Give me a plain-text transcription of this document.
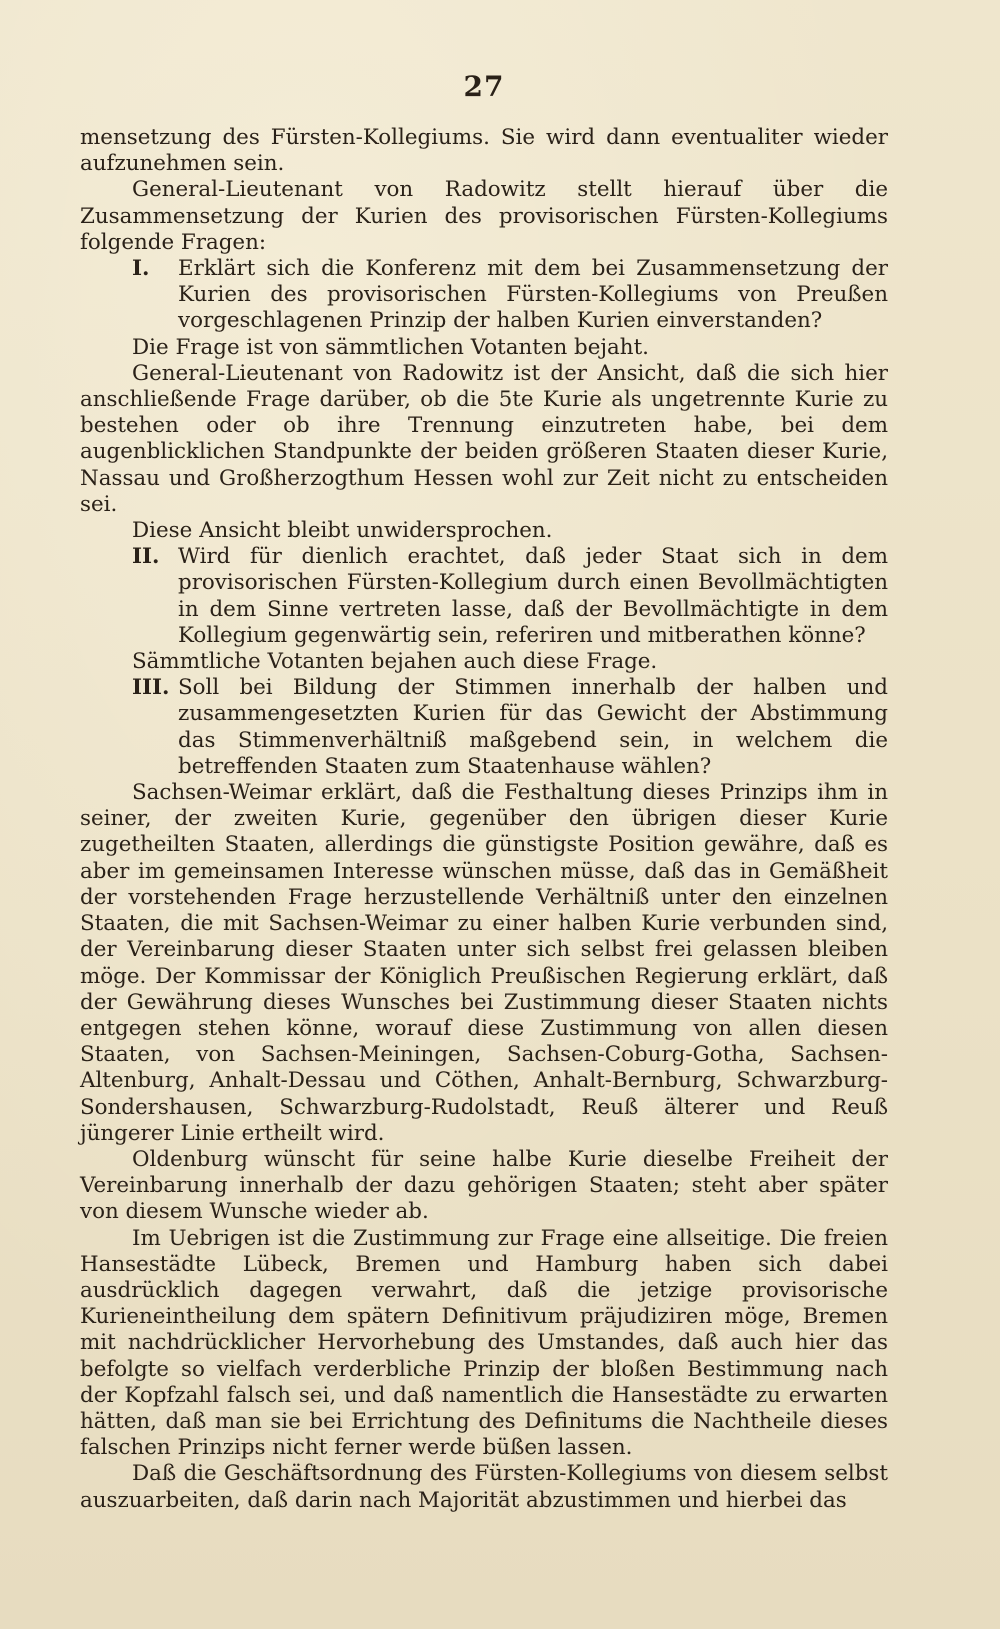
27

mensetzung des Fürsten-Kollegiums. Sie wird dann eventualiter wieder aufzunehmen sein.

General-Lieutenant von Radowitz stellt hierauf über die Zusammensetzung der Kurien des provisorischen Fürsten-Kollegiums folgende Fragen:

I. Erklärt sich die Konferenz mit dem bei Zusammensetzung der Kurien des provisorischen Fürsten-Kollegiums von Preußen vorgeschlagenen Prinzip der halben Kurien einverstanden?

Die Frage ist von sämmtlichen Votanten bejaht.

General-Lieutenant von Radowitz ist der Ansicht, daß die sich hier anschließende Frage darüber, ob die 5te Kurie als ungetrennte Kurie zu bestehen oder ob ihre Trennung einzutreten habe, bei dem augenblicklichen Standpunkte der beiden größeren Staaten dieser Kurie, Nassau und Großherzogthum Hessen wohl zur Zeit nicht zu entscheiden sei.

Diese Ansicht bleibt unwidersprochen.

II. Wird für dienlich erachtet, daß jeder Staat sich in dem provisorischen Fürsten-Kollegium durch einen Bevollmächtigten in dem Sinne vertreten lasse, daß der Bevollmächtigte in dem Kollegium gegenwärtig sein, referiren und mitberathen könne?

Sämmtliche Votanten bejahen auch diese Frage.

III. Soll bei Bildung der Stimmen innerhalb der halben und zusammengesetzten Kurien für das Gewicht der Abstimmung das Stimmenverhältniß maßgebend sein, in welchem die betreffenden Staaten zum Staatenhause wählen?

Sachsen-Weimar erklärt, daß die Festhaltung dieses Prinzips ihm in seiner, der zweiten Kurie, gegenüber den übrigen dieser Kurie zugetheilten Staaten, allerdings die günstigste Position gewähre, daß es aber im gemeinsamen Interesse wünschen müsse, daß das in Gemäßheit der vorstehenden Frage herzustellende Verhältniß unter den einzelnen Staaten, die mit Sachsen-Weimar zu einer halben Kurie verbunden sind, der Vereinbarung dieser Staaten unter sich selbst frei gelassen bleiben möge. Der Kommissar der Königlich Preußischen Regierung erklärt, daß der Gewährung dieses Wunsches bei Zustimmung dieser Staaten nichts entgegen stehen könne, worauf diese Zustimmung von allen diesen Staaten, von Sachsen-Meiningen, Sachsen-Coburg-Gotha, Sachsen-Altenburg, Anhalt-Dessau und Cöthen, Anhalt-Bernburg, Schwarzburg-Sondershausen, Schwarzburg-Rudolstadt, Reuß älterer und Reuß jüngerer Linie ertheilt wird.

Oldenburg wünscht für seine halbe Kurie dieselbe Freiheit der Vereinbarung innerhalb der dazu gehörigen Staaten; steht aber später von diesem Wunsche wieder ab.

Im Uebrigen ist die Zustimmung zur Frage eine allseitige. Die freien Hansestädte Lübeck, Bremen und Hamburg haben sich dabei ausdrücklich dagegen verwahrt, daß die jetzige provisorische Kurieneintheilung dem spätern Definitivum präjudiziren möge, Bremen mit nachdrücklicher Hervorhebung des Umstandes, daß auch hier das befolgte so vielfach verderbliche Prinzip der bloßen Bestimmung nach der Kopfzahl falsch sei, und daß namentlich die Hansestädte zu erwarten hätten, daß man sie bei Errichtung des Definitums die Nachtheile dieses falschen Prinzips nicht ferner werde büßen lassen.

Daß die Geschäftsordnung des Fürsten-Kollegiums von diesem selbst auszuarbeiten, daß darin nach Majorität abzustimmen und hierbei das
